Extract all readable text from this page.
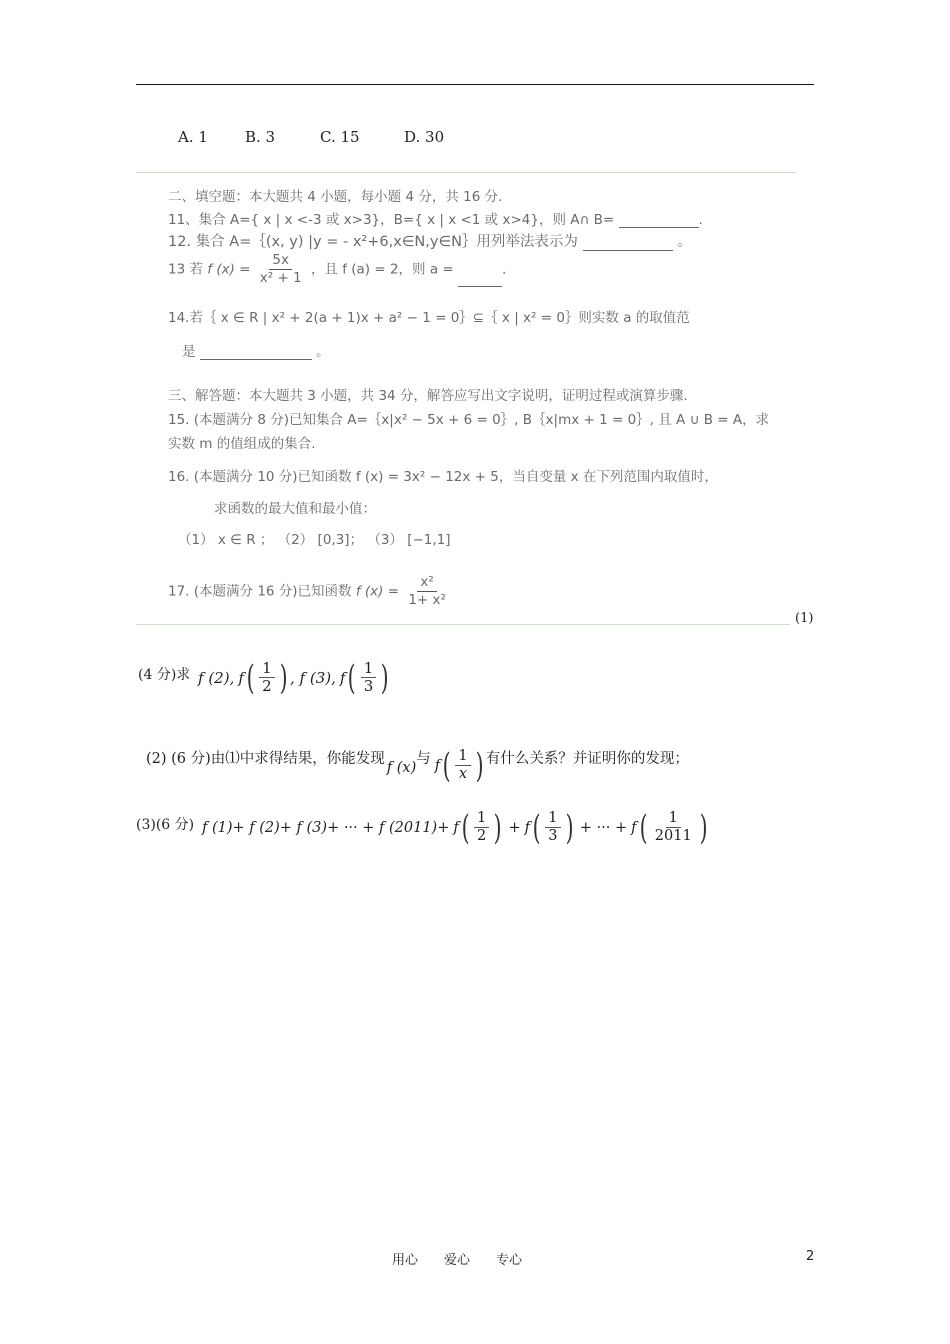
A. 1 B. 3	C. 15	D. 30
二、填空题：本大题共 4 小题，每小题 4 分，共 16 分.
11、集合 A={ x | x <-3 或 x>3}，B={ x | x <1 或 x>4}，则 A∩ B=	.
12. 集合 A=｛(x, y) |y = - x²+6,x∈N,y∈N｝用列举法表示为	。
13 若 f $(x) = \frac{5x}{\text{x² + 1}}$ ，且 f (a) = 2，则 a =	.
14.若｛ x ∈ R | x² + 2(a + 1)x + a² − 1 = 0｝⊆｛ x | x² = 0｝则实数 a 的取值范
是	。
三、解答题：本大题共 3 小题，共 34 分，解答应写出文字说明，证明过程或演算步骤.
15. (本题满分 8 分)已知集合 A=｛x|x² − 5x + 6 = 0｝, B｛x|mx + 1 = 0｝, 且 A ∪ B = A，求
实数 m 的值组成的集合.
16. (本题满分 10 分)已知函数 f (x) = 3x² − 12x + 5，当自变量 x 在下列范围内取值时，
求函数的最大值和最小值：
（1） x ∈ R ； （2） [0,3]； （3） [−1,1]
17. (本题满分 16 分)已知函数 f $(x) = \frac{\text{x²}}{\text{1+ x²}}$
(1)
(4 分)求 f (2), f ( $\frac{1}{2}$ ) , f (3), f ( $\frac{1}{3}$ )
(2) (6 分)由⑴中求得结果，你能发现
f (x)
与 f ( $\frac{1}{x}$ ) 有什么关系？并证明你的发现；
(3)(6 分) f (1)+ f (2)+ f (3)+ ··· + f (2011)+ f ( $\frac{1}{2}$ ) + f ( $\frac{1}{3}$ ) + ··· + f ( $\frac{1}{2011}$ )
用心　　爱心　　专心	2
